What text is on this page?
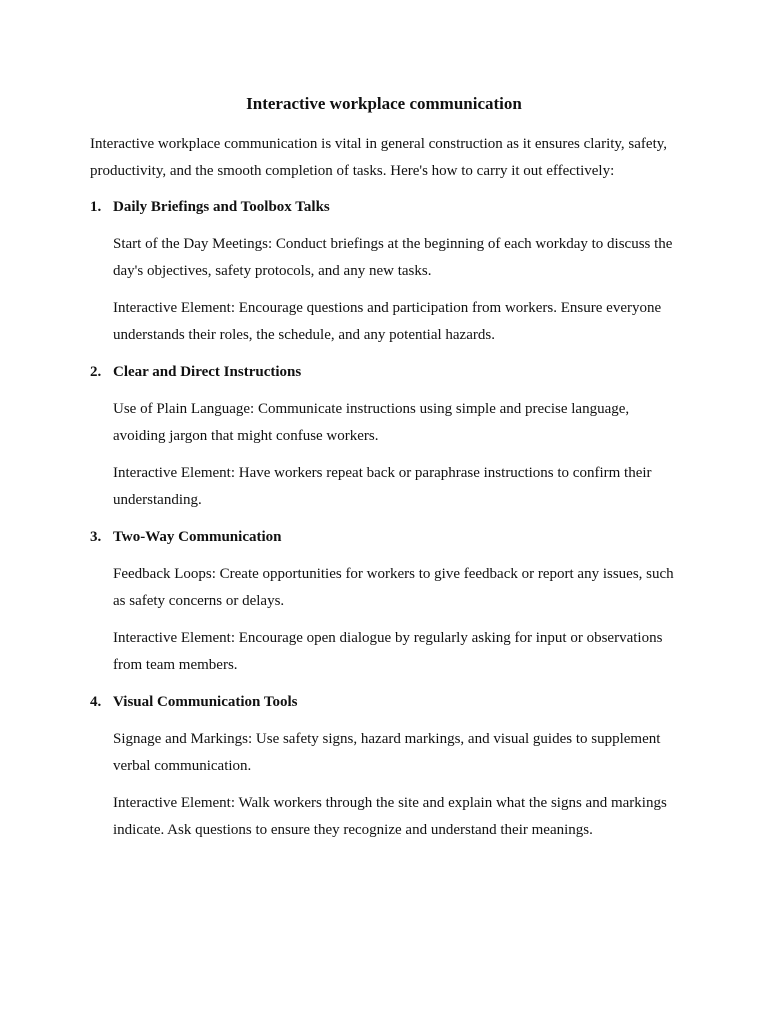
Interactive workplace communication

Interactive workplace communication is vital in general construction as it ensures clarity, safety, productivity, and the smooth completion of tasks. Here's how to carry it out effectively:

1. Daily Briefings and Toolbox Talks

Start of the Day Meetings: Conduct briefings at the beginning of each workday to discuss the day's objectives, safety protocols, and any new tasks.

Interactive Element: Encourage questions and participation from workers. Ensure everyone understands their roles, the schedule, and any potential hazards.

2. Clear and Direct Instructions

Use of Plain Language: Communicate instructions using simple and precise language, avoiding jargon that might confuse workers.

Interactive Element: Have workers repeat back or paraphrase instructions to confirm their understanding.

3. Two-Way Communication

Feedback Loops: Create opportunities for workers to give feedback or report any issues, such as safety concerns or delays.

Interactive Element: Encourage open dialogue by regularly asking for input or observations from team members.

4. Visual Communication Tools

Signage and Markings: Use safety signs, hazard markings, and visual guides to supplement verbal communication.

Interactive Element: Walk workers through the site and explain what the signs and markings indicate. Ask questions to ensure they recognize and understand their meanings.
